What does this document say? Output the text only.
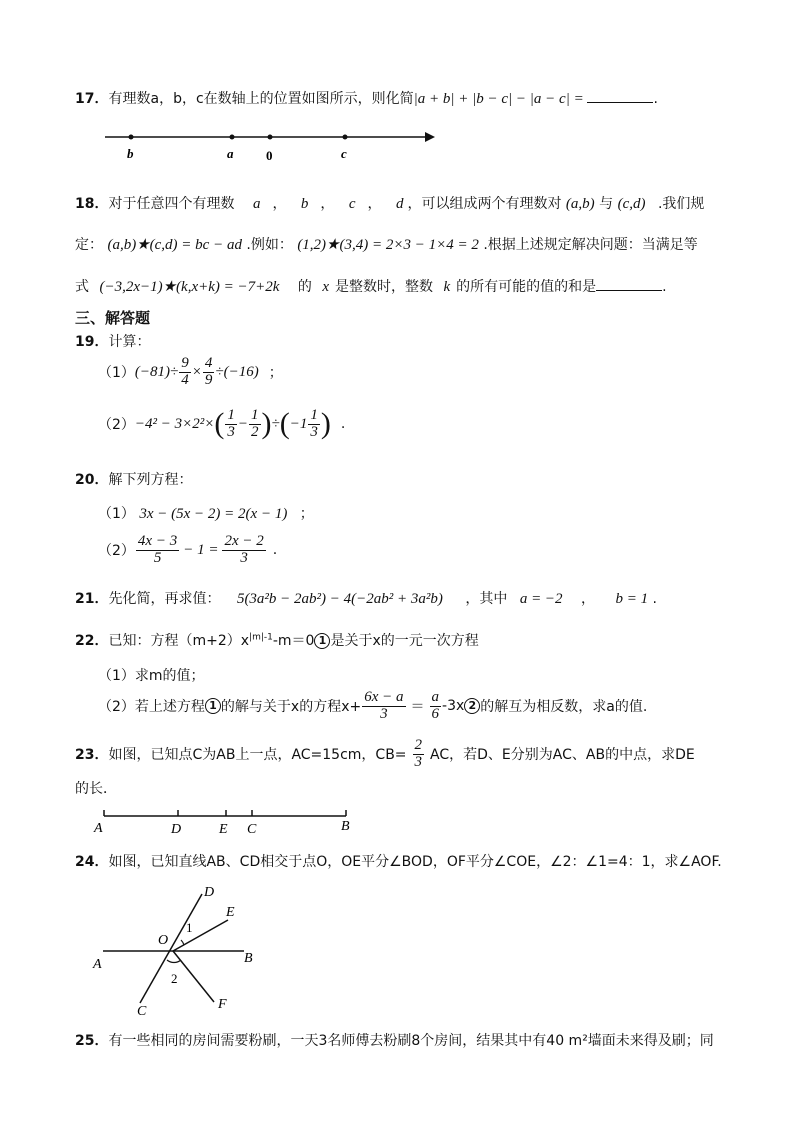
17．有理数a，b，c在数轴上的位置如图所示，则化简|a + b| + |b − c| − |a − c| =	.
b	a	0	c
18．对于任意四个有理数 a ， b ， c ， d ，可以组成两个有理数对 (a,b) 与 (c,d) .我们规
定： (a,b)★(c,d) = bc − ad .例如： (1,2)★(3,4) = 2×3 − 1×4 = 2 .根据上述规定解决问题：当满足等
式 (−3,2x−1)★(k,x+k) = −7+2k 的 x 是整数时，整数 k 的所有可能的值的和是	.
三、解答题
19．计算：
（1） $(-81)\div \frac{9}{4} \times \frac{4}{9} \div(-16)$ ；
（2） −4² − 3×2²× ( $\frac{1}{3} - \frac{1}{2}$ ) ÷ ( $-1 \frac{1}{3}$ ) .
20．解下列方程：
（1） 3x − (5x − 2) = 2(x − 1) ；
$(2) \frac{4x - 3}{5} - 1 = \frac{2x - 2}{3}$ .
21．先化简，再求值： 5(3a²b − 2ab²) − 4(−2ab² + 3a²b) ，其中 a = −2 ， b = 1 .
22．已知：方程$(m+2)x^{|m|-1}-m=0$ 1 是关于x的一元一次方程
（1）求m的值；
（2） 若上述方程 1 的解与关于x的方程$x+ \frac{6x - a}{3} = \frac{a}{6} -3x$ 2 的解互为相反数，求a的值.
23． 如图，已知点C为AB上一点，AC=15cm，$CB= \frac{2}{3}$ AC，若D、E分别为AC、AB的中点，求DE
的长．
A	D	E C	B
24．如图，已知直线AB、CD相交于点O，OE平分∠BOD，OF平分∠COE，∠2：∠1=4：1，求∠AOF.
D
E
O
1
A	B
2
C	F
25．有一些相同的房间需要粉刷，一天3名师傅去粉刷8个房间，结果其中有40 m²墙面未来得及刷；同
